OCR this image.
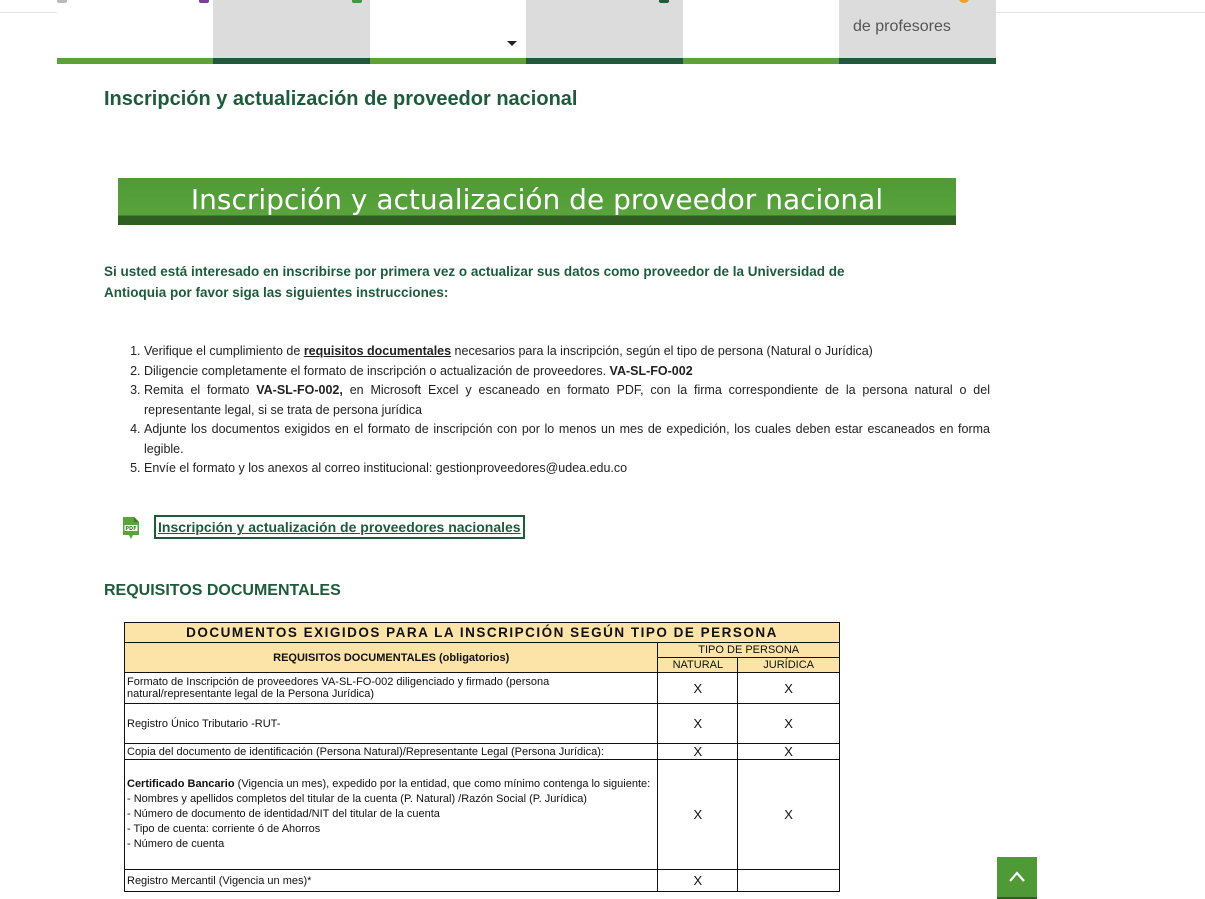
de profesores
Inscripción y actualización de proveedor nacional
Inscripción y actualización de proveedor nacional
Si usted está interesado en inscribirse por primera vez o actualizar sus datos como proveedor de la Universidad de Antioquia por favor siga las siguientes instrucciones:
1. Verifique el cumplimiento de requisitos documentales necesarios para la inscripción, según el tipo de persona (Natural o Jurídica)
2. Diligencie completamente el formato de inscripción o actualización de proveedores. VA-SL-FO-002
3. Remita el formato VA-SL-FO-002, en Microsoft Excel y escaneado en formato PDF, con la firma correspondiente de la persona natural o del representante legal, si se trata de persona jurídica
4. Adjunte los documentos exigidos en el formato de inscripción con por lo menos un mes de expedición, los cuales deben estar escaneados en forma legible.
5. Envíe el formato y los anexos al correo institucional: gestionproveedores@udea.edu.co
PDF Inscripción y actualización de proveedores nacionales
REQUISITOS DOCUMENTALES
DOCUMENTOS EXIGIDOS PARA LA INSCRIPCIÓN SEGÚN TIPO DE PERSONA		
REQUISITOS DOCUMENTALES (obligatorios)	TIPO DE PERSONA	
	NATURAL	JURÍDICA
Formato de Inscripción de proveedores VA-SL-FO-002 diligenciado y firmado (persona natural/representante legal de la Persona Jurídica)	X	X
Registro Único Tributario -RUT-	X	X
Copia del documento de identificación (Persona Natural)/Representante Legal (Persona Jurídica):	X	X
Certificado Bancario (Vigencia un mes), expedido por la entidad, que como mínimo contenga lo siguiente:
- Nombres y apellidos completos del titular de la cuenta (P. Natural) /Razón Social (P. Jurídica)
- Número de documento de identidad/NIT del titular de la cuenta
- Tipo de cuenta: corriente ó de Ahorros
- Número de cuenta	X	X
Registro Mercantil (Vigencia un mes)*	X	
